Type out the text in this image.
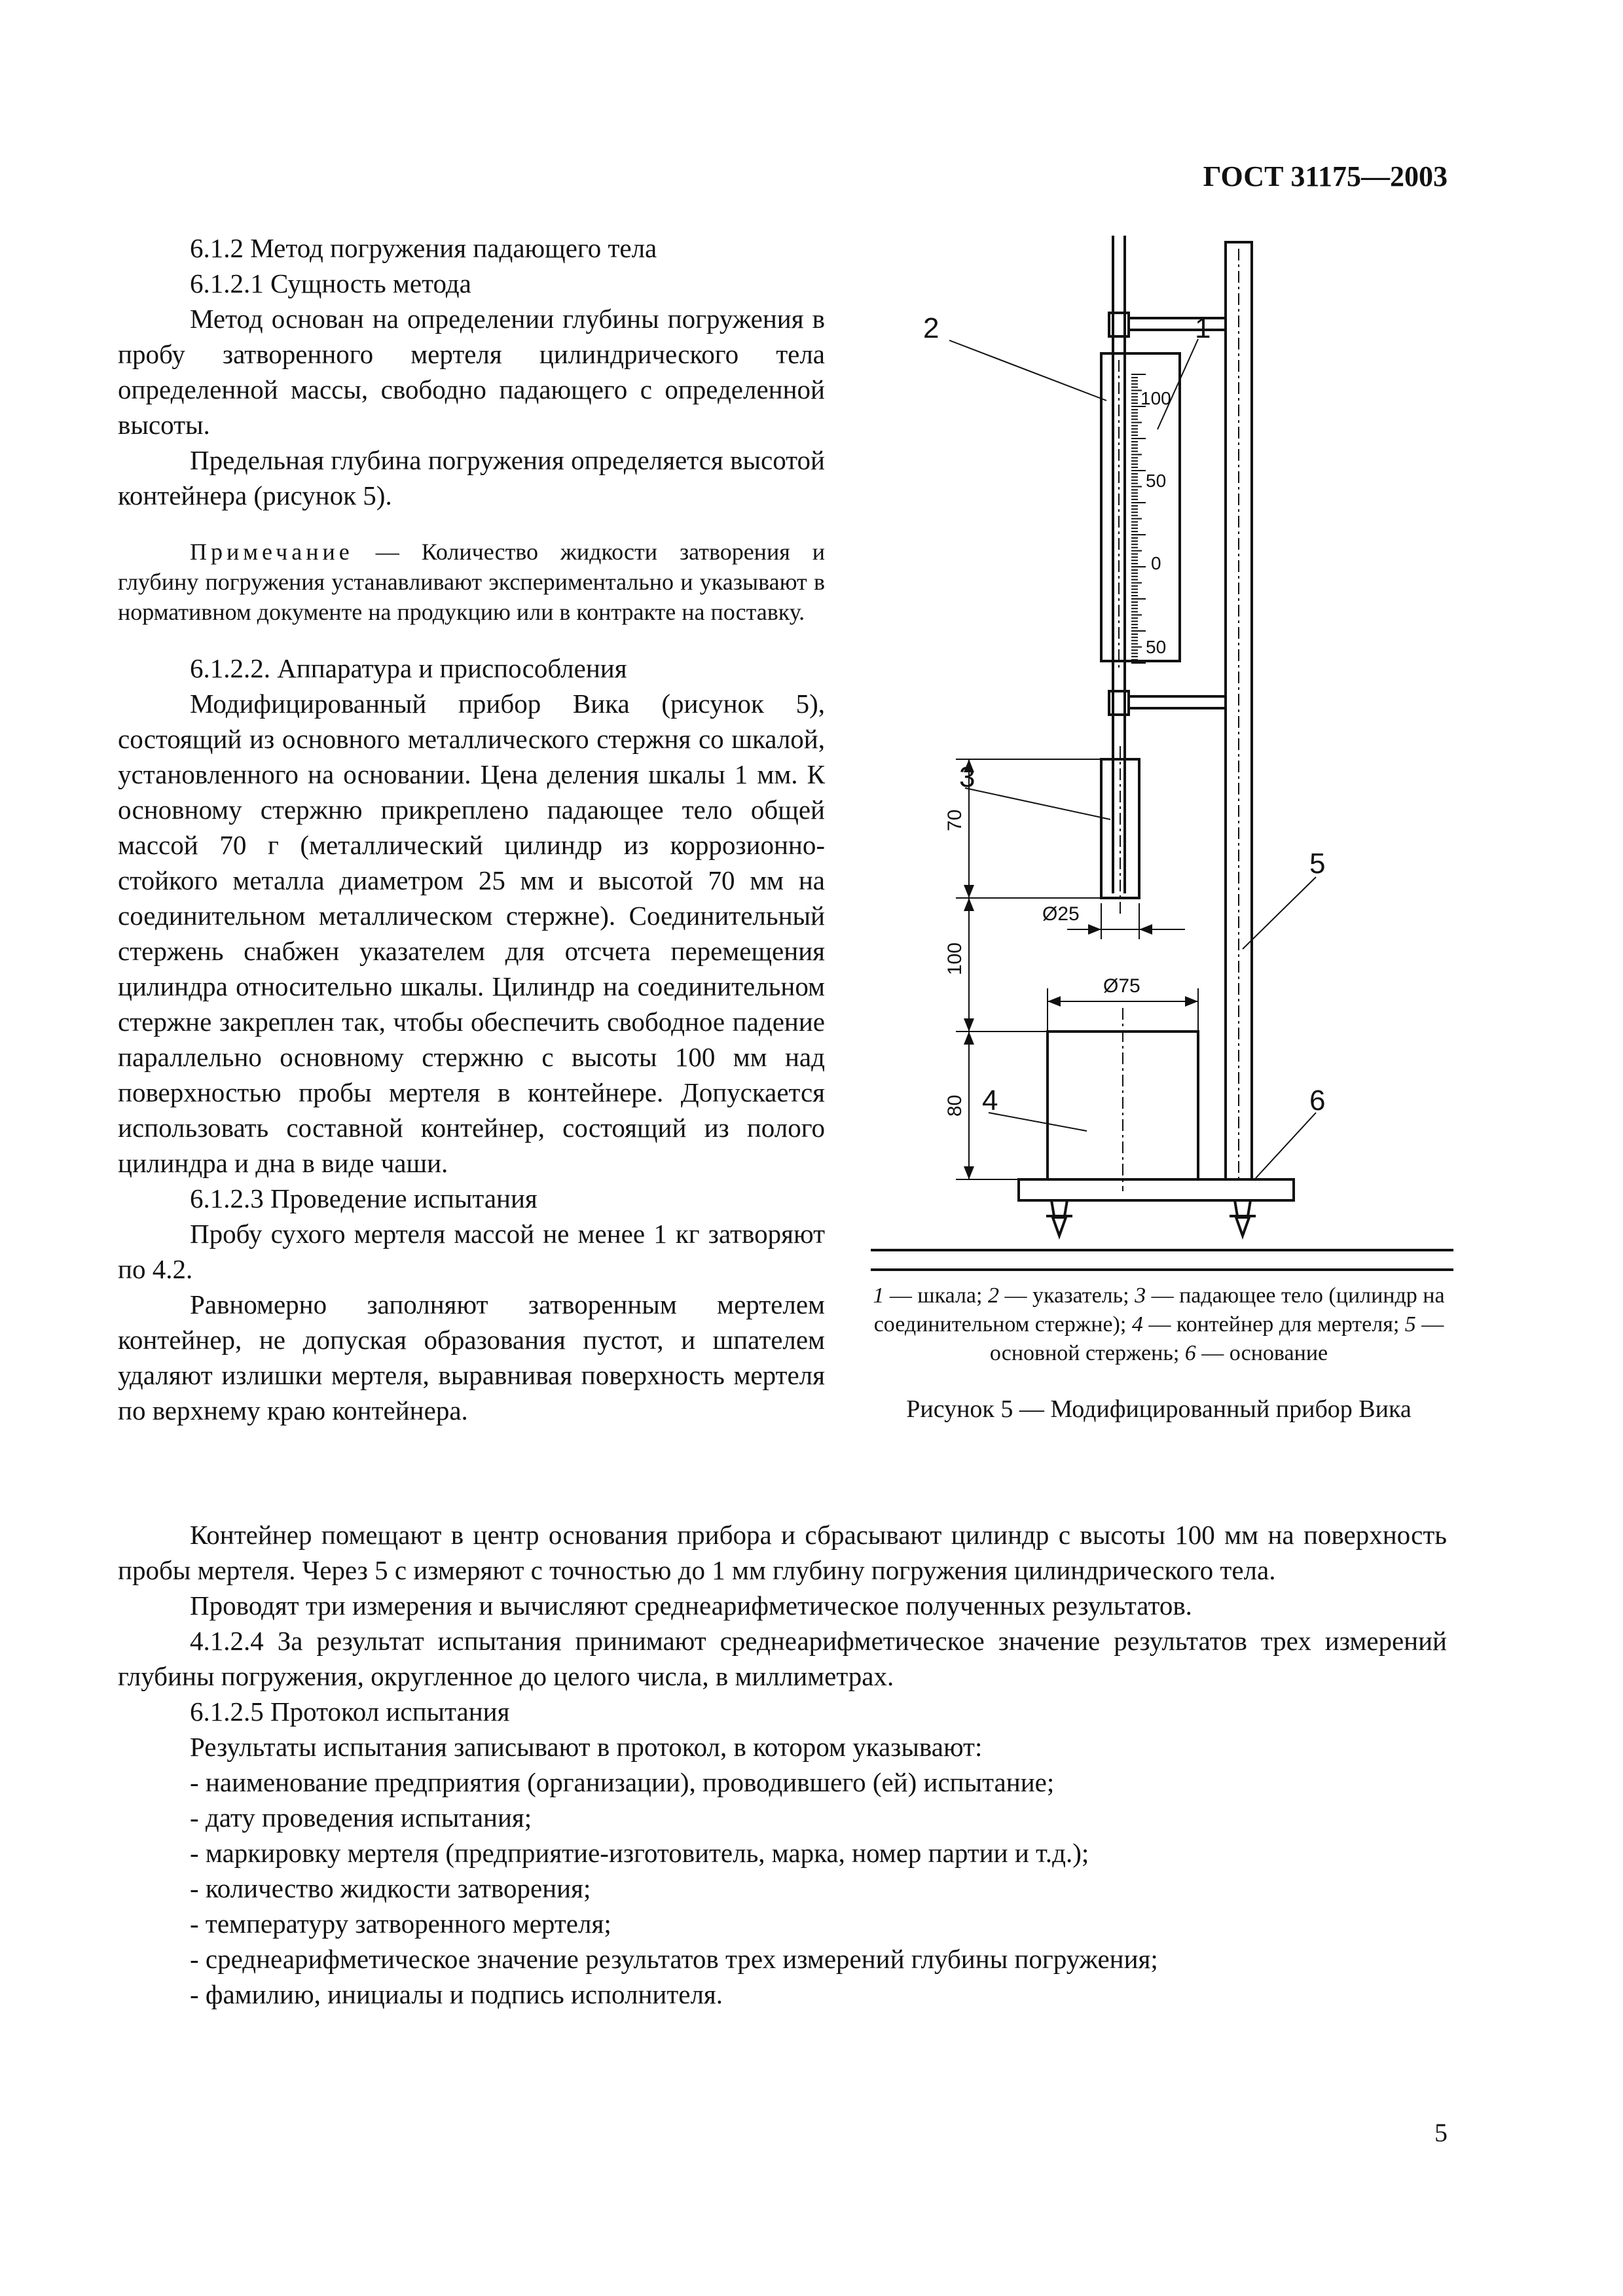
ГОСТ 31175—2003

6.1.2 Метод погружения падающего тела

6.1.2.1 Сущность метода

Метод основан на определении глубины погружения в пробу затворенного мертеля цилиндрического тела определенной массы, свободно падающего с определенной высоты.

Предельная глубина погружения определяется высотой контейнера (рисунок 5).

Примечание — Количество жидкости затворения и глубину погружения устанавливают экспериментально и указывают в нормативном документе на продукцию или в контракте на поставку.

6.1.2.2. Аппаратура и приспособления

Модифицированный прибор Вика (рисунок 5), состоящий из основного металлического стержня со шкалой, установленного на основании. Цена деления шкалы 1 мм. К основному стержню прикреплено падающее тело общей массой 70 г (металлический цилиндр из коррозионно-стойкого металла диаметром 25 мм и высотой 70 мм на соединительном металлическом стержне). Соединительный стержень снабжен указателем для отсчета перемещения цилиндра относительно шкалы. Цилиндр на соединительном стержне закреплен так, чтобы обеспечить свободное падение параллельно основному стержню с высоты 100 мм над поверхностью пробы мертеля в контейнере. Допускается использовать составной контейнер, состоящий из полого цилиндра и дна в виде чаши.

6.1.2.3 Проведение испытания

Пробу сухого мертеля массой не менее 1 кг затворяют по 4.2.

Равномерно заполняют затворенным мертелем контейнер, не допуская образования пустот, и шпателем удаляют излишки мертеля, выравнивая поверхность мертеля по верхнему краю контейнера.

2	1
3
5
4	6
100
50
0
50
70
100
80
Ø25
Ø75
1 — шкала; 2 — указатель; 3 — падающее тело (цилиндр на соединительном стержне); 4 — контейнер для мертеля; 5 — основной стержень; 6 — основание
Рисунок 5 — Модифицированный прибор Вика

Контейнер помещают в центр основания прибора и сбрасывают цилиндр с высоты 100 мм на поверхность пробы мертеля. Через 5 с измеряют с точностью до 1 мм глубину погружения цилиндрического тела.

Проводят три измерения и вычисляют среднеарифметическое полученных результатов.

4.1.2.4 За результат испытания принимают среднеарифметическое значение результатов трех измерений глубины погружения, округленное до целого числа, в миллиметрах.

6.1.2.5 Протокол испытания

Результаты испытания записывают в протокол, в котором указывают:

- наименование предприятия (организации), проводившего (ей) испытание;

- дату проведения испытания;

- маркировку мертеля (предприятие-изготовитель, марка, номер партии и т.д.);

- количество жидкости затворения;

- температуру затворенного мертеля;

- среднеарифметическое значение результатов трех измерений глубины погружения;

- фамилию, инициалы и подпись исполнителя.

5
